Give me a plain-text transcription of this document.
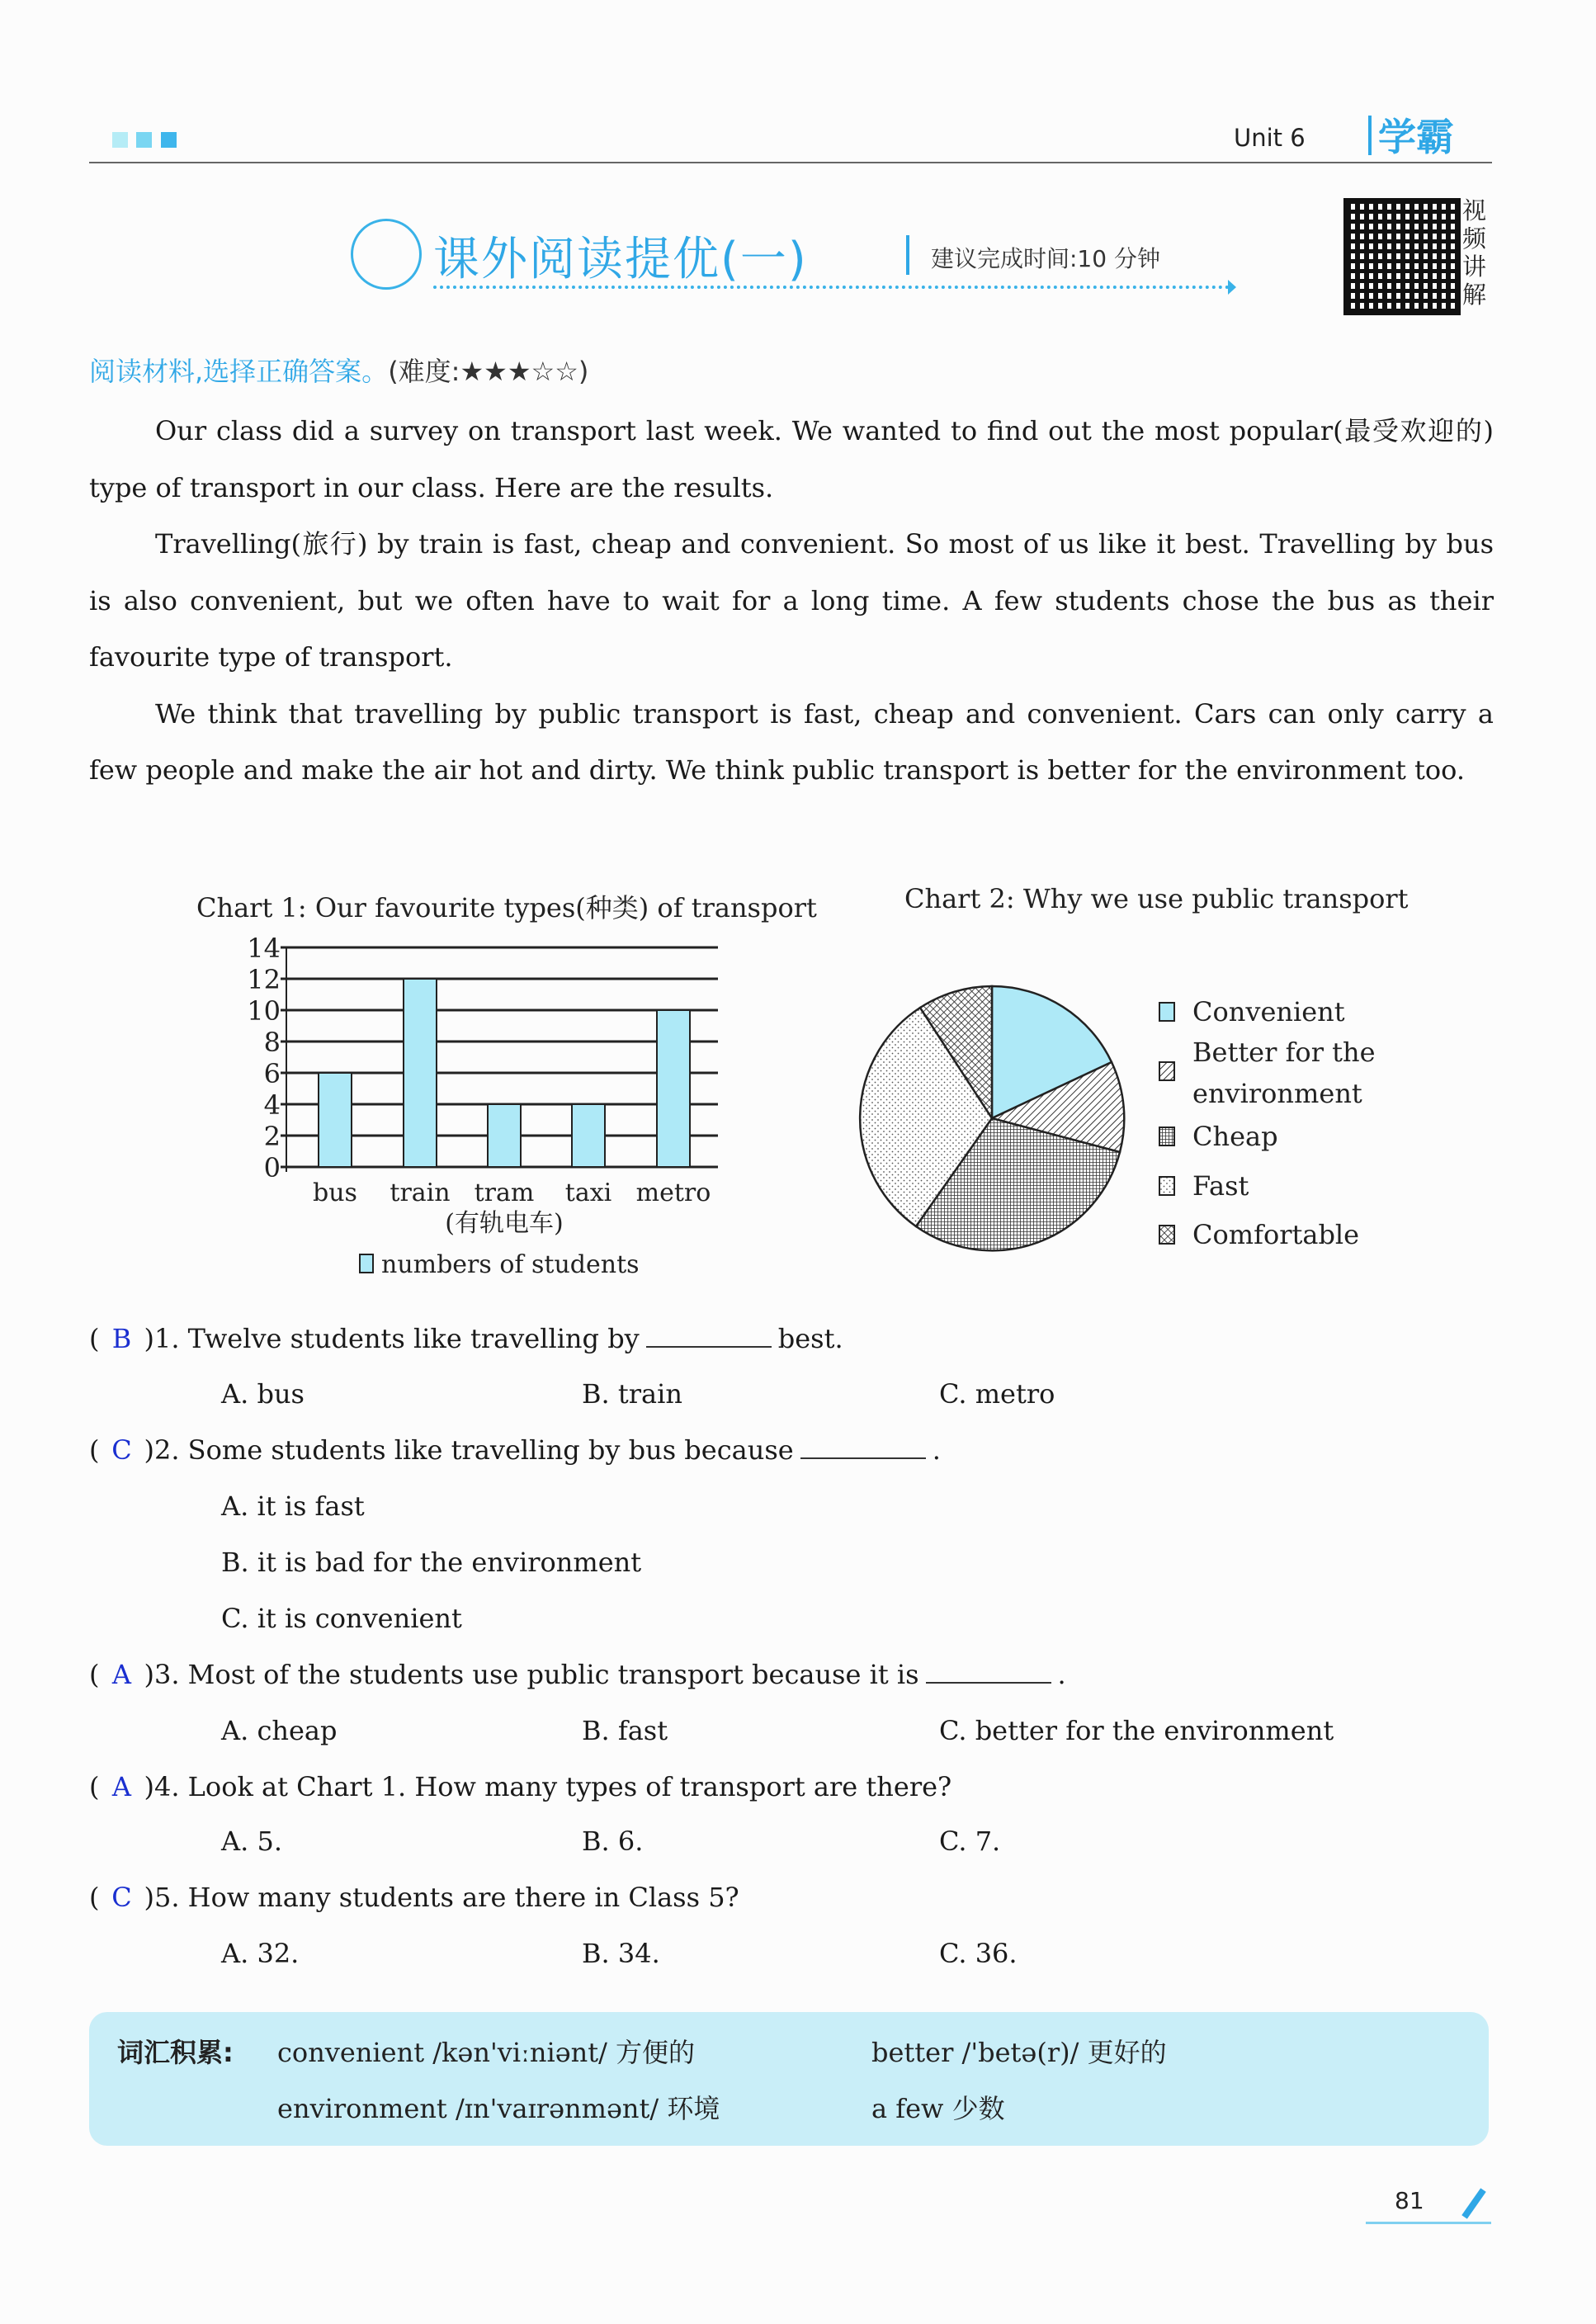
Unit 6 学霸
课外阅读提优(一)	建议完成时间:10 分钟
视频讲解
阅读材料,选择正确答案。(难度:★★★☆☆)

Our class did a survey on transport last week. We wanted to find out the most popular(最受欢迎的) type of transport in our class. Here are the results.

Travelling(旅行) by train is fast, cheap and convenient. So most of us like it best. Travelling by bus is also convenient, but we often have to wait for a long time. A few students chose the bus as their favourite type of transport.

We think that travelling by public transport is fast, cheap and convenient. Cars can only carry a few people and make the air hot and dirty. We think public transport is better for the environment too.

Chart 1: Our favourite types(种类) of transport
14
12
10
8
6
4
2
0
bus train tram taxi metro
(有轨电车)
numbers of students
Chart 2: Why we use public transport
Convenient
Better for the
environment
Cheap
Fast
Comfortable
( B )1. Twelve students like travelling by	best.
A. bus	B. train	C. metro
( C )2. Some students like travelling by bus because	.
A. it is fast
B. it is bad for the environment
C. it is convenient
( A )3. Most of the students use public transport because it is	.
A. cheap	B. fast	C. better for the environment
( A )4. Look at Chart 1. How many types of transport are there?
A. 5.	B. 6.	C. 7.
( C )5. How many students are there in Class 5?
A. 32.	B. 34.	C. 36.
词汇积累: convenient /kən'viːniənt/ 方便的	better /'betə(r)/ 更好的
environment /ɪn'vaɪrənmənt/ 环境	a few 少数
81
